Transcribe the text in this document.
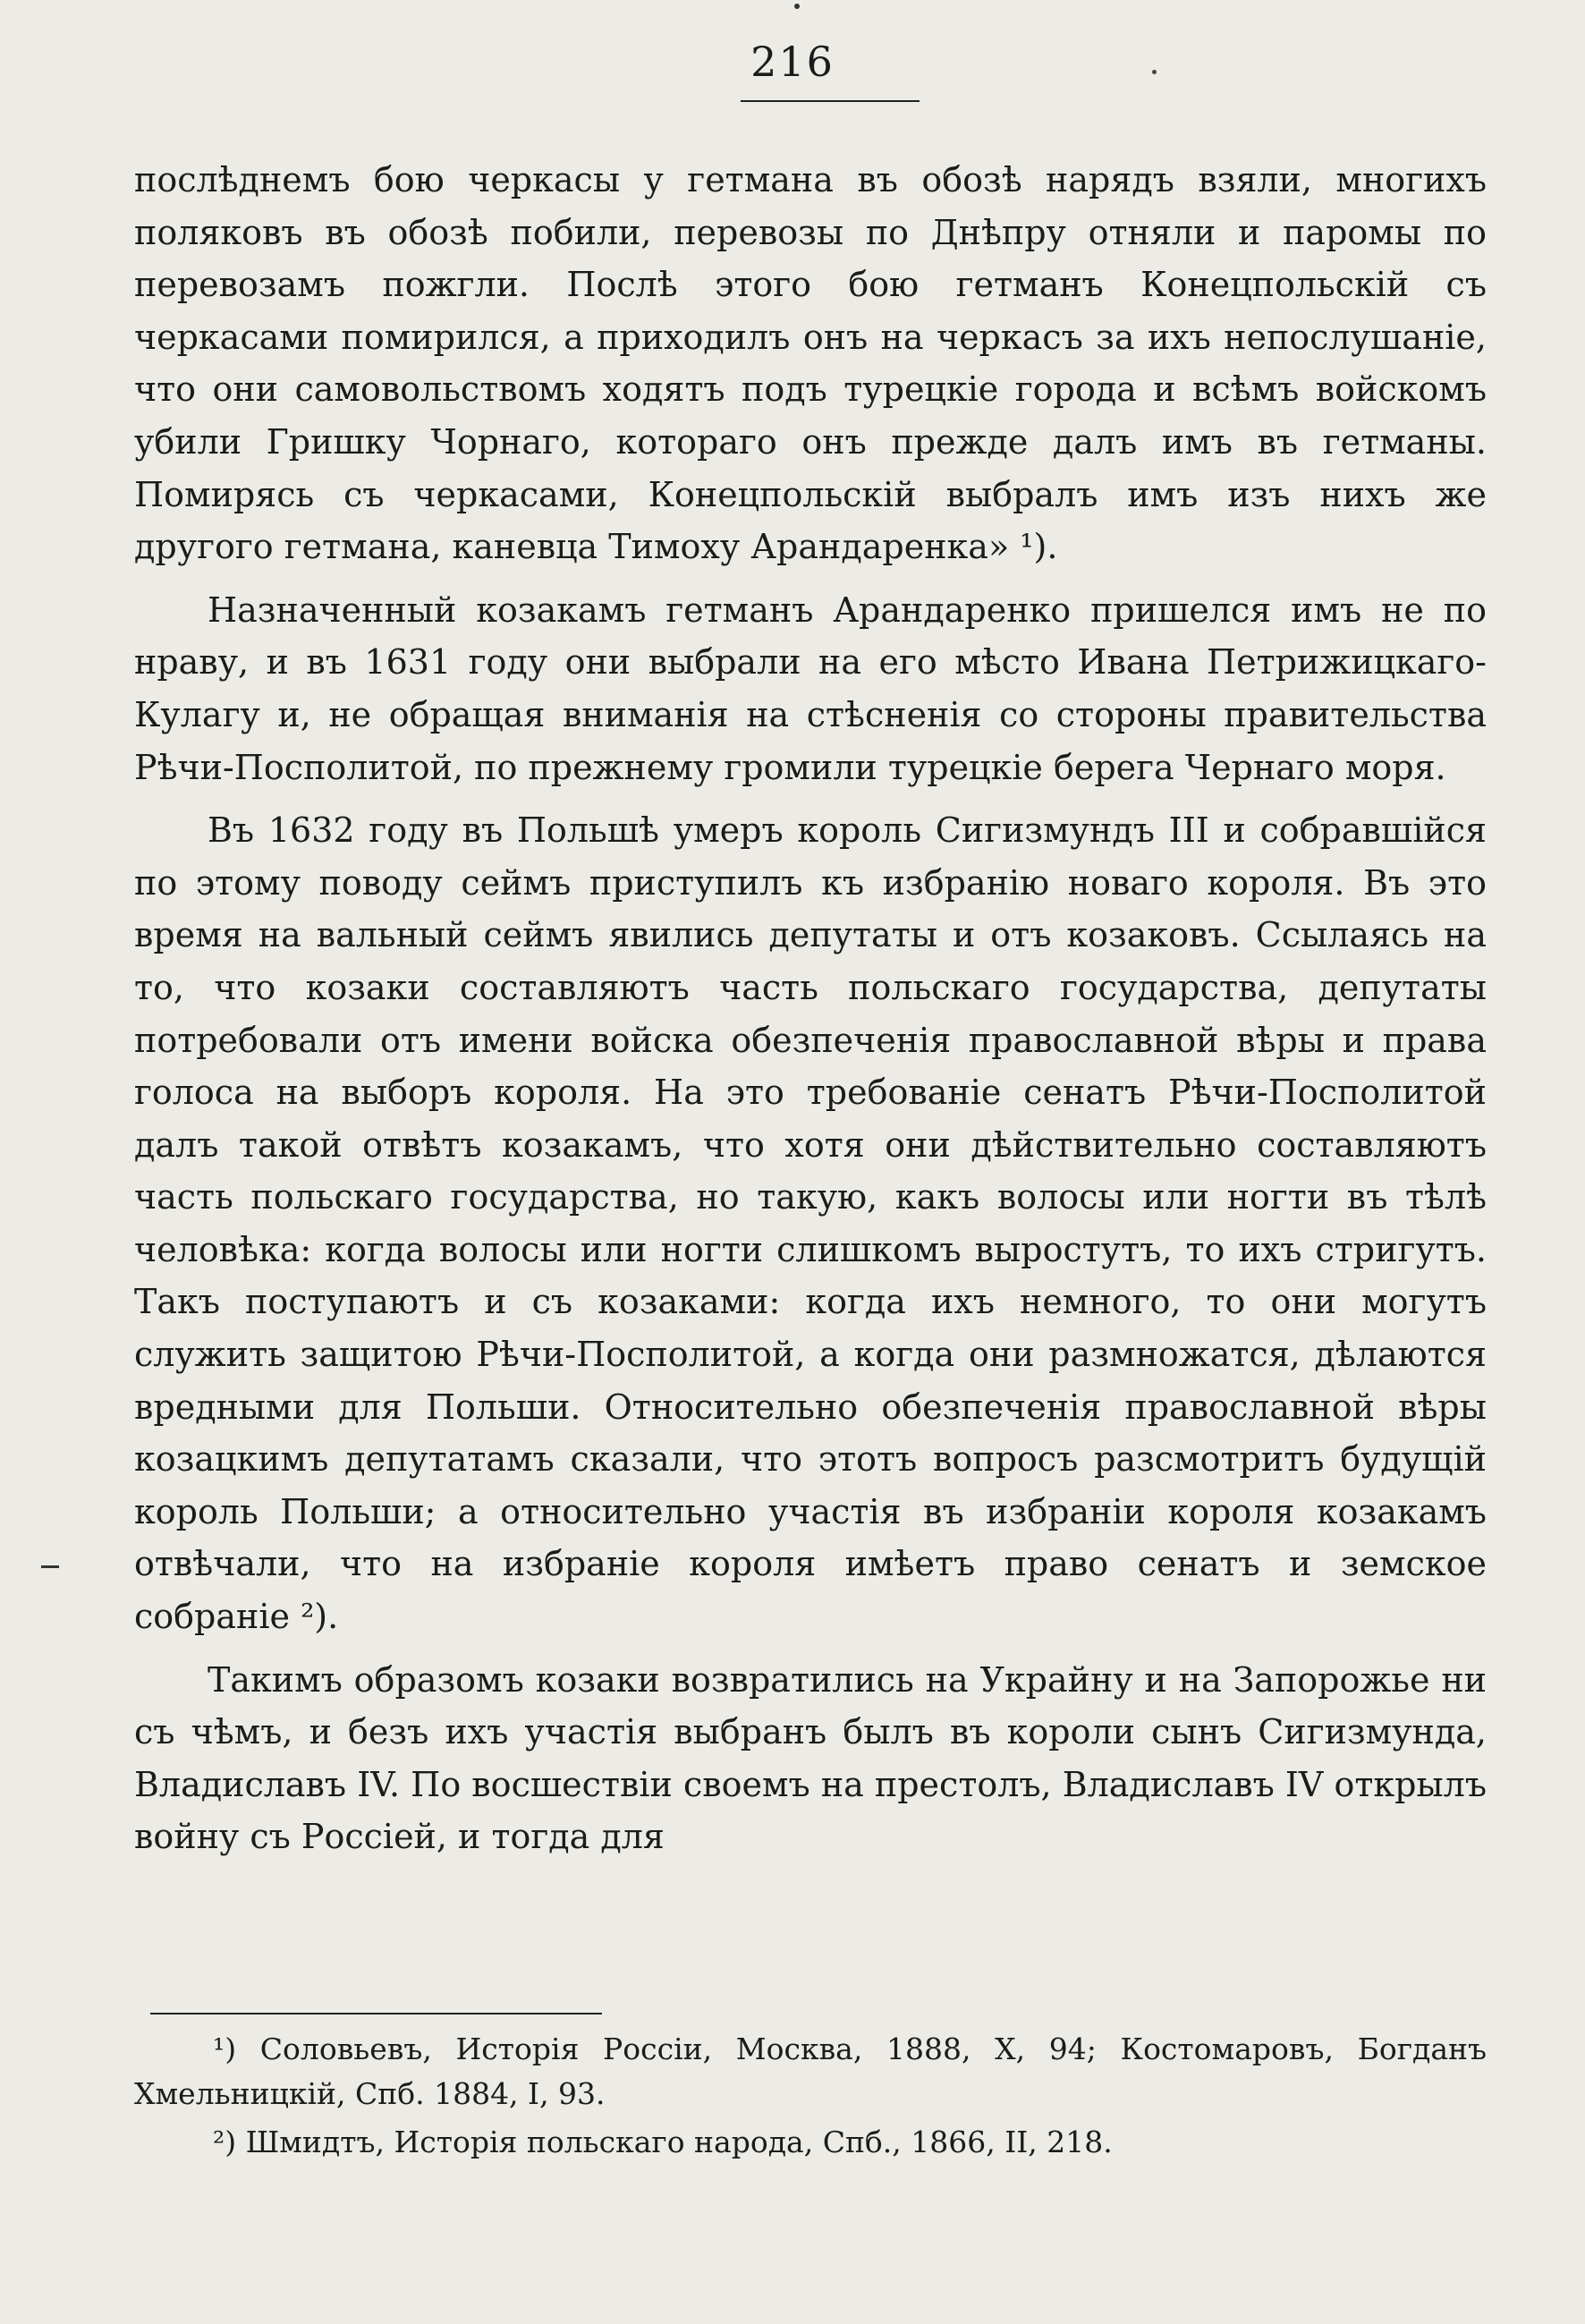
216

послѣднемъ бою черкасы у гетмана въ обозѣ нарядъ взяли, многихъ поляковъ въ обозѣ побили, перевозы по Днѣпру отняли и паромы по перевозамъ пожгли. Послѣ этого бою гетманъ Конецпольскій съ черкасами помирился, а приходилъ онъ на черкасъ за ихъ непослушаніе, что они самовольствомъ ходятъ подъ турецкіе города и всѣмъ войскомъ убили Гришку Чорнаго, котораго онъ прежде далъ имъ въ гетманы. Помирясь съ черкасами, Конецпольскій выбралъ имъ изъ нихъ же другого гетмана, каневца Тимоху Арандаренка» ¹).

Назначенный козакамъ гетманъ Арандаренко пришелся имъ не по нраву, и въ 1631 году они выбрали на его мѣсто Ивана Петрижицкаго-Кулагу и, не обращая вниманія на стѣсненія со стороны правительства Рѣчи-Посполитой, по прежнему громили турецкіе берега Чернаго моря.

Въ 1632 году въ Польшѣ умеръ король Сигизмундъ III и собравшійся по этому поводу сеймъ приступилъ къ избранію новаго короля. Въ это время на вальный сеймъ явились депутаты и отъ козаковъ. Ссылаясь на то, что козаки составляютъ часть польскаго государства, депутаты потребовали отъ имени войска обезпеченія православной вѣры и права голоса на выборъ короля. На это требованіе сенатъ Рѣчи-Посполитой далъ такой отвѣтъ козакамъ, что хотя они дѣйствительно составляютъ часть польскаго государства, но такую, какъ волосы или ногти въ тѣлѣ человѣка: когда волосы или ногти слишкомъ выростутъ, то ихъ стригутъ. Такъ поступаютъ и съ козаками: когда ихъ немного, то они могутъ служить защитою Рѣчи-Посполитой, а когда они размножатся, дѣлаются вредными для Польши. Относительно обезпеченія православной вѣры козацкимъ депутатамъ сказали, что этотъ вопросъ разсмотритъ будущій король Польши; а относительно участія въ избраніи короля козакамъ отвѣчали, что на избраніе короля имѣетъ право сенатъ и земское собраніе ²).

Такимъ образомъ козаки возвратились на Украйну и на Запорожье ни съ чѣмъ, и безъ ихъ участія выбранъ былъ въ короли сынъ Сигизмунда, Владиславъ IV. По восшествіи своемъ на престолъ, Владиславъ IV открылъ войну съ Россіей, и тогда для

¹) Соловьевъ, Исторія Россіи, Москва, 1888, X, 94; Костомаровъ, Богданъ Хмельницкій, Спб. 1884, I, 93.

²) Шмидтъ, Исторія польскаго народа, Спб., 1866, II, 218.
